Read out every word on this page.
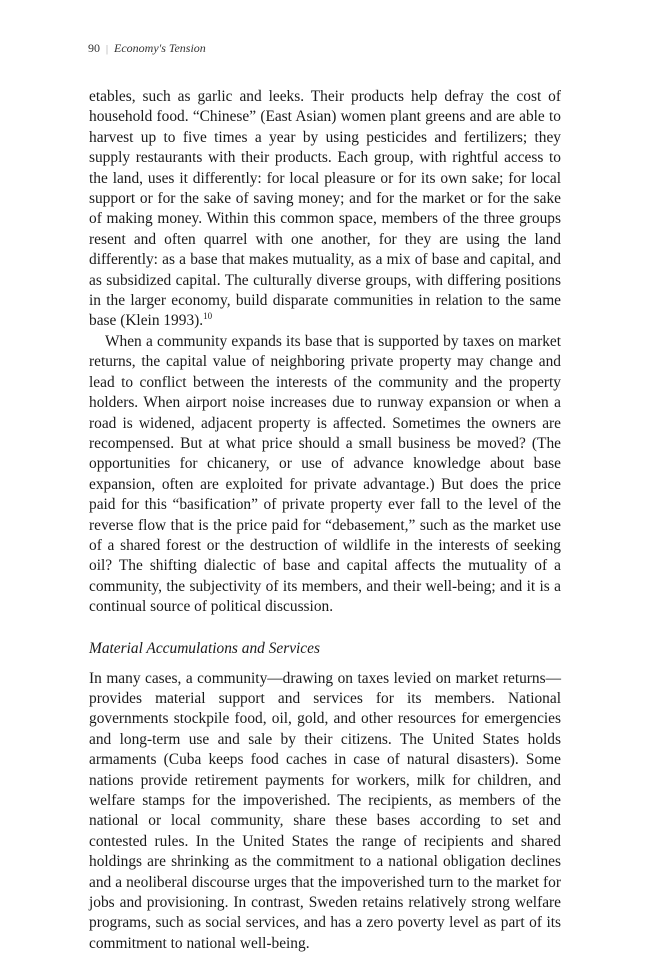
90 | Economy's Tension

etables, such as garlic and leeks. Their products help defray the cost of household food. “Chinese” (East Asian) women plant greens and are able to harvest up to five times a year by using pesticides and fertilizers; they supply restaurants with their products. Each group, with rightful access to the land, uses it differently: for local pleasure or for its own sake; for local support or for the sake of saving money; and for the market or for the sake of making money. Within this common space, members of the three groups resent and often quarrel with one another, for they are using the land differently: as a base that makes mutuality, as a mix of base and capital, and as subsidized capital. The culturally diverse groups, with differing positions in the larger economy, build disparate communities in relation to the same base (Klein 1993).$^{10}$

When a community expands its base that is supported by taxes on market returns, the capital value of neighboring private property may change and lead to conflict between the interests of the community and the property holders. When airport noise increases due to runway expansion or when a road is widened, adjacent property is affected. Sometimes the owners are recompensed. But at what price should a small business be moved? (The opportunities for chicanery, or use of advance knowledge about base expansion, often are exploited for private advantage.) But does the price paid for this “basification” of private property ever fall to the level of the reverse flow that is the price paid for “debasement,” such as the market use of a shared forest or the destruction of wildlife in the interests of seeking oil? The shifting dialectic of base and capital affects the mutuality of a community, the subjectivity of its members, and their well-being; and it is a continual source of political discussion.

Material Accumulations and Services

In many cases, a community—drawing on taxes levied on market returns—provides material support and services for its members. National governments stockpile food, oil, gold, and other resources for emergencies and long-term use and sale by their citizens. The United States holds armaments (Cuba keeps food caches in case of natural disasters). Some nations provide retirement payments for workers, milk for children, and welfare stamps for the impoverished. The recipients, as members of the national or local community, share these bases according to set and contested rules. In the United States the range of recipients and shared holdings are shrinking as the commitment to a national obligation declines and a neoliberal discourse urges that the impoverished turn to the market for jobs and provisioning. In contrast, Sweden retains relatively strong welfare programs, such as social services, and has a zero poverty level as part of its commitment to national well-being.
